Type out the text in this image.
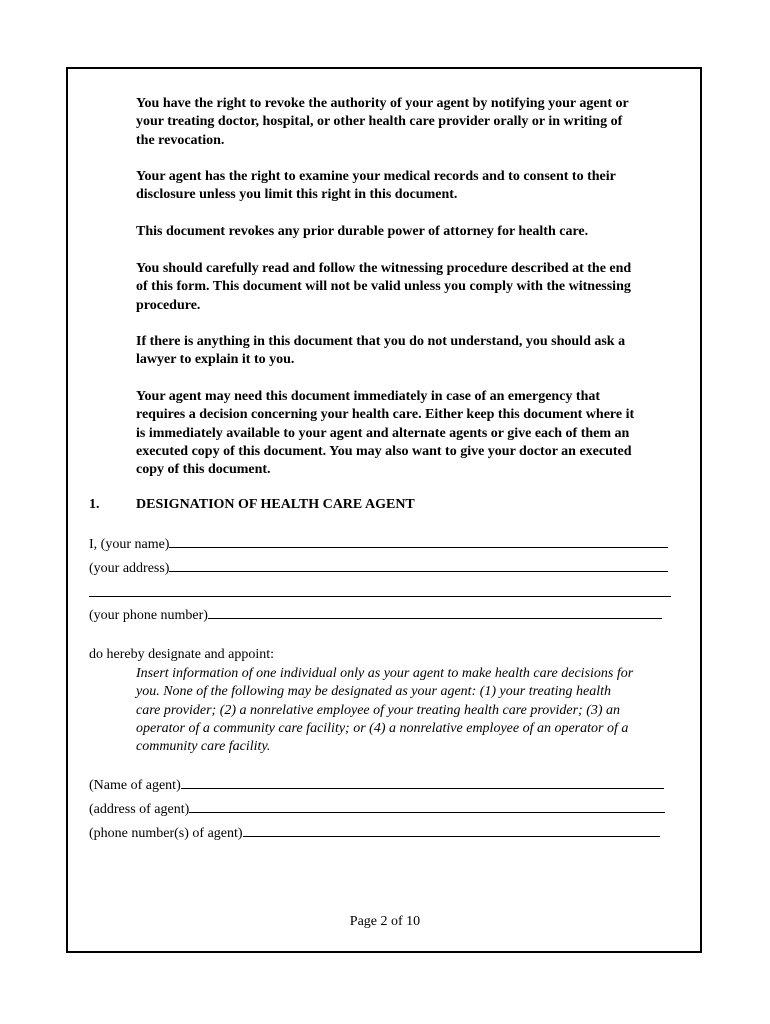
You have the right to revoke the authority of your agent by notifying your agent or
your treating doctor, hospital, or other health care provider orally or in writing of
the revocation.
Your agent has the right to examine your medical records and to consent to their
disclosure unless you limit this right in this document.
This document revokes any prior durable power of attorney for health care.
You should carefully read and follow the witnessing procedure described at the end
of this form. This document will not be valid unless you comply with the witnessing
procedure.
If there is anything in this document that you do not understand, you should ask a
lawyer to explain it to you.
Your agent may need this document immediately in case of an emergency that
requires a decision concerning your health care. Either keep this document where it
is immediately available to your agent and alternate agents or give each of them an
executed copy of this document. You may also want to give your doctor an executed
copy of this document.
1.	DESIGNATION OF HEALTH CARE AGENT
I, (your name)
(your address)
(your phone number)
do hereby designate and appoint:
Insert information of one individual only as your agent to make health care decisions for
you. None of the following may be designated as your agent: (1) your treating health
care provider; (2) a nonrelative employee of your treating health care provider; (3) an
operator of a community care facility; or (4) a nonrelative employee of an operator of a
community care facility.
(Name of agent)
(address of agent)
(phone number(s) of agent)
Page 2 of 10
